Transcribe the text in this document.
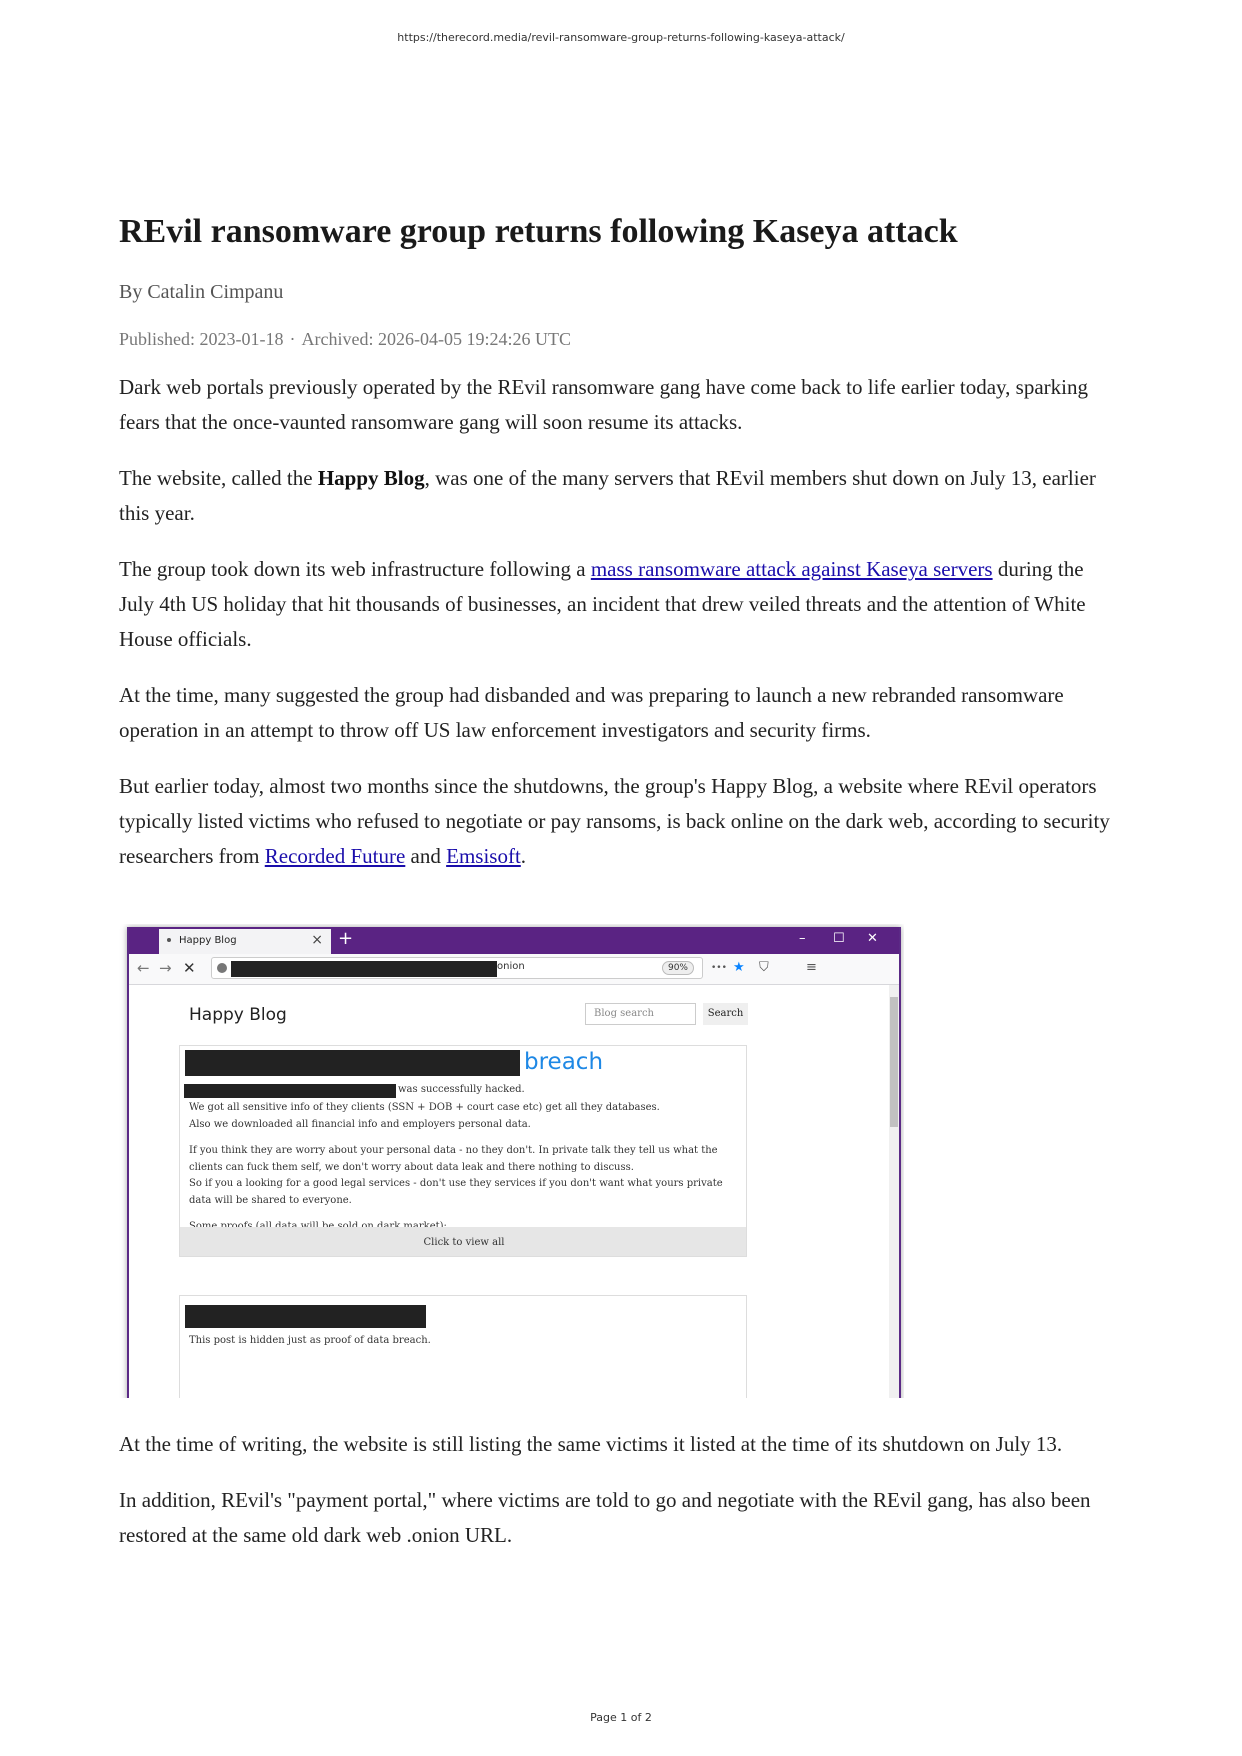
https://therecord.media/revil-ransomware-group-returns-following-kaseya-attack/
REvil ransomware group returns following Kaseya attack
By Catalin Cimpanu
Published: 2023-01-18 · Archived: 2026-04-05 19:24:26 UTC

Dark web portals previously operated by the REvil ransomware gang have come back to life earlier today, sparking fears that the once-vaunted ransomware gang will soon resume its attacks.

The website, called the Happy Blog, was one of the many servers that REvil members shut down on July 13, earlier this year.

The group took down its web infrastructure following a mass ransomware attack against Kaseya servers during the July 4th US holiday that hit thousands of businesses, an incident that drew veiled threats and the attention of White House officials.

At the time, many suggested the group had disbanded and was preparing to launch a new rebranded ransomware operation in an attempt to throw off US law enforcement investigators and security firms.

But earlier today, almost two months since the shutdowns, the group's Happy Blog, a website where REvil operators typically listed victims who refused to negotiate or pay ransoms, is back online on the dark web, according to security researchers from Recorded Future and Emsisoft.

Happy Blog	× +	– ☐ ✕
← → ✕	onion	90%	••• ★ ⛉	≡
Happy Blog	Blog search	Search
breach
was successfully hacked.
We got all sensitive info of they clients (SSN + DOB + court case etc) get all they databases.
Also we downloaded all financial info and employers personal data.
If you think they are worry about your personal data - no they don't. In private talk they tell us what the clients can fuck them self, we don't worry about data leak and there nothing to discuss.
So if you a looking for a good legal services - don't use they services if you don't want what yours private data will be shared to everyone.
Click to view all
This post is hidden just as proof of data breach.

At the time of writing, the website is still listing the same victims it listed at the time of its shutdown on July 13.

In addition, REvil's "payment portal," where victims are told to go and negotiate with the REvil gang, has also been restored at the same old dark web .onion URL.

Page 1 of 2
